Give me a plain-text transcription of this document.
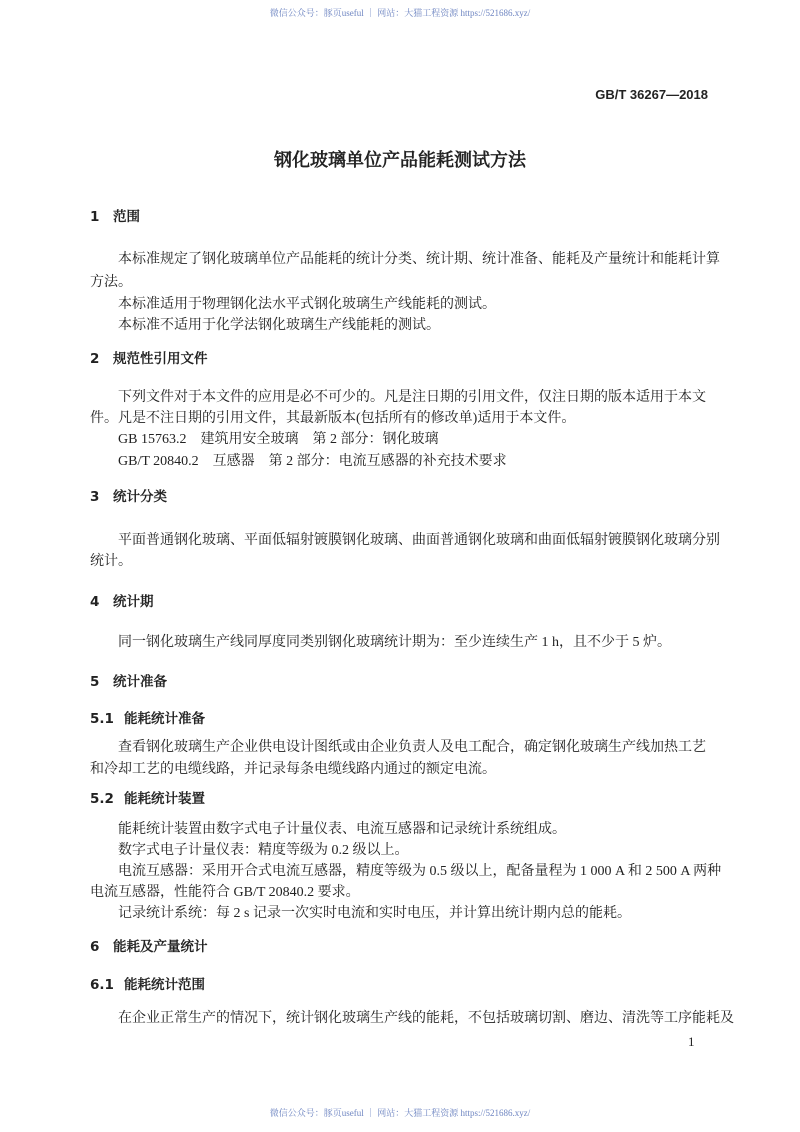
微信公众号：豚页useful ｜ 网站：大猫工程资源 https://521686.xyz/
GB/T 36267—2018
钢化玻璃单位产品能耗测试方法
1 范围
本标准规定了钢化玻璃单位产品能耗的统计分类、统计期、统计准备、能耗及产量统计和能耗计算
方法。
本标准适用于物理钢化法水平式钢化玻璃生产线能耗的测试。
本标准不适用于化学法钢化玻璃生产线能耗的测试。
2 规范性引用文件
下列文件对于本文件的应用是必不可少的。凡是注日期的引用文件，仅注日期的版本适用于本文
件。凡是不注日期的引用文件，其最新版本(包括所有的修改单)适用于本文件。
GB 15763.2　建筑用安全玻璃　第 2 部分：钢化玻璃
GB/T 20840.2　互感器　第 2 部分：电流互感器的补充技术要求
3 统计分类
平面普通钢化玻璃、平面低辐射镀膜钢化玻璃、曲面普通钢化玻璃和曲面低辐射镀膜钢化玻璃分别
统计。
4 统计期
同一钢化玻璃生产线同厚度同类别钢化玻璃统计期为：至少连续生产 1 h，且不少于 5 炉。
5 统计准备
5.1 能耗统计准备
查看钢化玻璃生产企业供电设计图纸或由企业负责人及电工配合，确定钢化玻璃生产线加热工艺
和冷却工艺的电缆线路，并记录每条电缆线路内通过的额定电流。
5.2 能耗统计装置
能耗统计装置由数字式电子计量仪表、电流互感器和记录统计系统组成。
数字式电子计量仪表：精度等级为 0.2 级以上。
电流互感器：采用开合式电流互感器，精度等级为 0.5 级以上，配备量程为 1 000 A 和 2 500 A 两种
电流互感器，性能符合 GB/T 20840.2 要求。
记录统计系统：每 2 s 记录一次实时电流和实时电压，并计算出统计期内总的能耗。
6 能耗及产量统计
6.1 能耗统计范围
在企业正常生产的情况下，统计钢化玻璃生产线的能耗，不包括玻璃切割、磨边、清洗等工序能耗及
1
微信公众号：豚页useful ｜ 网站：大猫工程资源 https://521686.xyz/
